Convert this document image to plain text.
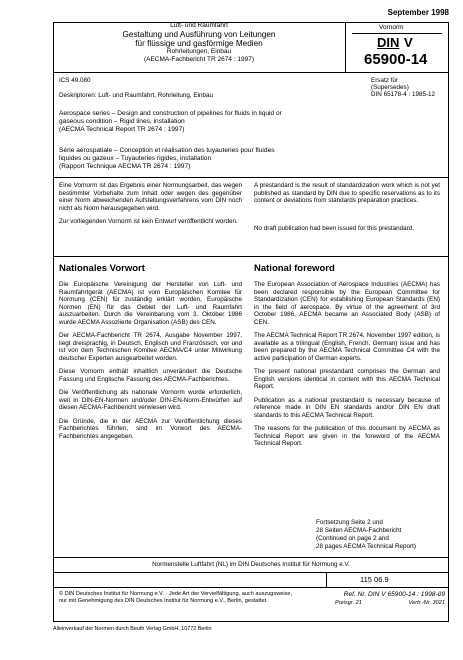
September 1998
Luft- und Raumfahrt
Gestaltung und Ausführung von Leitungen
für flüssige und gasförmige Medien
Rohrleitungen, Einbau
(AECMA-Fachbericht TR 2674 : 1997)
Vornorm
DIN V
65900-14
ICS 49.080	Ersatz für
(Supersedes)
DIN 65178-4 : 1985-12
Deskriptoren: Luft- und Raumfahrt, Rohrleitung, Einbau
Aerospace series – Design and construction of pipelines for fluids in liquid or
gaseous condition – Rigid lines, installation
(AECMA Technical Report TR 2674 : 1997)
Série aérospatiale – Conception et réalisation des tuyauteries pour fluides
liquides ou gazeux – Tuyauteries rigides, installation
(Rapport Technique AECMA TR 2674 : 1997)

Eine Vornorm ist das Ergebnis einer Normungsarbeit, das wegen bestimmter Vorbehalte zum Inhalt oder wegen des gegenüber einer Norm abweichenden Aufstellungsverfahrens vom DIN noch nicht als Norm herausgegeben wird.

Zur vorliegenden Vornorm ist kein Entwurf veröffentlicht worden.

A prestandard is the result of standardization work which is not yet published as standard by DIN due to specific reservations as to its content or deviations from standards preparation practices.

No draft publication had been issued for this prestandard.

Nationales Vorwort	National foreword

Die Europäische Vereinigung der Hersteller von Luft- und Raumfahrtgerät (AECMA) ist vom Europäischen Komitee für Normung (CEN) für zuständig erklärt worden, Europäische Normen (EN) für das Gebiet der Luft- und Raumfahrt auszuarbeiten. Durch die Vereinbarung vom 3. Oktober 1986 wurde AECMA Assoziierte Organisation (ASB) des CEN.

Der AECMA-Fachbericht TR 2674, Ausgabe November 1997, liegt dreisprachig, in Deutsch, Englisch und Französisch, vor und ist von dem Technischen Komitee AECMA/C4 unter Mitwirkung deutscher Experten ausgearbeitet worden.

Diese Vornorm enthält inhaltlich unverändert die Deutsche Fassung und Englische Fassung des AECMA-Fachberichtes.

Die Veröffentlichung als nationale Vornorm wurde erforderlich, weil in DIN-EN-Normen und/oder DIN-EN-Norm-Entwürfen auf diesen AECMA-Fachbericht verwiesen wird.

Die Gründe, die in der AECMA zur Veröffentlichung dieses Fachberichtes führten, sind im Vorwort des AECMA-Fachberichtes angegeben.

The European Association of Aerospace Industries (AECMA) has been declared responsible by the European Committee for Standardization (CEN) for establishing European Standards (EN) in the field of aerospace. By virtue of the agreement of 3rd October 1986, AECMA became an Associated Body (ASB) of CEN.

The AECMA Technical Report TR 2674, November 1997 edition, is available as a trilingual (English, French, German) issue and has been prepared by the AECMA Technical Committee C4 with the active participation of German experts.

The present national prestandard comprises the German and English versions identical in content with this AECMA Technical Report.

Publication as a national prestandard is necessary because of reference made in DIN EN standards and/or DIN EN draft standards to this AECMA Technical Report.

The reasons for the publication of this document by AECMA as Technical Report are given in the foreword of the AECMA Technical Report.

Fortsetzung Seite 2 und
28 Seiten AECMA-Fachbericht
(Continued on page 2 and
28 pages AECMA Technical Report)
Normenstelle Luftfahrt (NL) im DIN Deutsches Institut für Normung e.V.
115 06.9
© DIN Deutsches Institut für Normung e.V. · Jede Art der Vervielfältigung, auch auszugsweise,
nur mit Genehmigung des DIN Deutsches Institut für Normung e.V., Berlin, gestattet.
Ref. Nr. DIN V 65900-14 : 1998-09
Preisgr. 21	Vertr.-Nr. 3021
Alleinverkauf der Normen durch Beuth Verlag GmbH, 10772 Berlin
